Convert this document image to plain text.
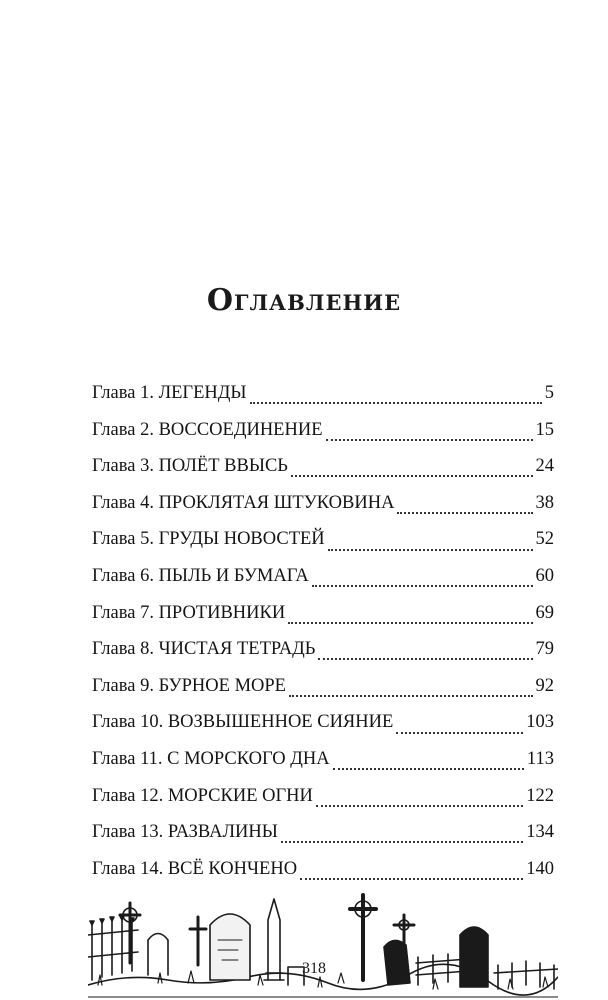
Оглавление
Глава 1. ЛЕГЕНДЫ	5
Глава 2. ВОССОЕДИНЕНИЕ	15
Глава 3. ПОЛЁТ ВВЫСЬ	24
Глава 4. ПРОКЛЯТАЯ ШТУКОВИНА	38
Глава 5. ГРУДЫ НОВОСТЕЙ	52
Глава 6. ПЫЛЬ И БУМАГА	60
Глава 7. ПРОТИВНИКИ	69
Глава 8. ЧИСТАЯ ТЕТРАДЬ	79
Глава 9. БУРНОЕ МОРЕ	92
Глава 10. ВОЗВЫШЕННОЕ СИЯНИЕ	103
Глава 11. С МОРСКОГО ДНА	113
Глава 12. МОРСКИЕ ОГНИ	122
Глава 13. РАЗВАЛИНЫ	134
Глава 14. ВСЁ КОНЧЕНО	140
318
